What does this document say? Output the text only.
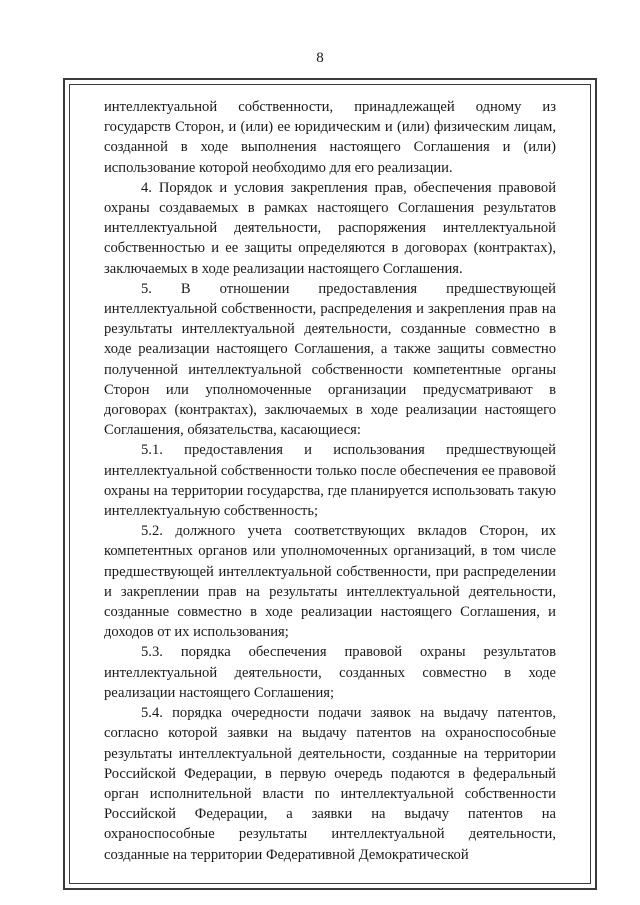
8

интеллектуальной собственности, принадлежащей одному из государств Сторон, и (или) ее юридическим и (или) физическим лицам, созданной в ходе выполнения настоящего Соглашения и (или) использование которой необходимо для его реализации.

4. Порядок и условия закрепления прав, обеспечения правовой охраны создаваемых в рамках настоящего Соглашения результатов интеллектуальной деятельности, распоряжения интеллектуальной собственностью и ее защиты определяются в договорах (контрактах), заключаемых в ходе реализации настоящего Соглашения.

5. В отношении предоставления предшествующей интеллектуальной собственности, распределения и закрепления прав на результаты интеллектуальной деятельности, созданные совместно в ходе реализации настоящего Соглашения, а также защиты совместно полученной интеллектуальной собственности компетентные органы Сторон или уполномоченные организации предусматривают в договорах (контрактах), заключаемых в ходе реализации настоящего Соглашения, обязательства, касающиеся:

5.1. предоставления и использования предшествующей интеллектуальной собственности только после обеспечения ее правовой охраны на территории государства, где планируется использовать такую интеллектуальную собственность;

5.2. должного учета соответствующих вкладов Сторон, их компетентных органов или уполномоченных организаций, в том числе предшествующей интеллектуальной собственности, при распределении и закреплении прав на результаты интеллектуальной деятельности, созданные совместно в ходе реализации настоящего Соглашения, и доходов от их использования;

5.3. порядка обеспечения правовой охраны результатов интеллектуальной деятельности, созданных совместно в ходе реализации настоящего Соглашения;

5.4. порядка очередности подачи заявок на выдачу патентов, согласно которой заявки на выдачу патентов на охраноспособные результаты интеллектуальной деятельности, созданные на территории Российской Федерации, в первую очередь подаются в федеральный орган исполнительной власти по интеллектуальной собственности Российской Федерации, а заявки на выдачу патентов на охраноспособные результаты интеллектуальной деятельности, созданные на территории Федеративной Демократической
